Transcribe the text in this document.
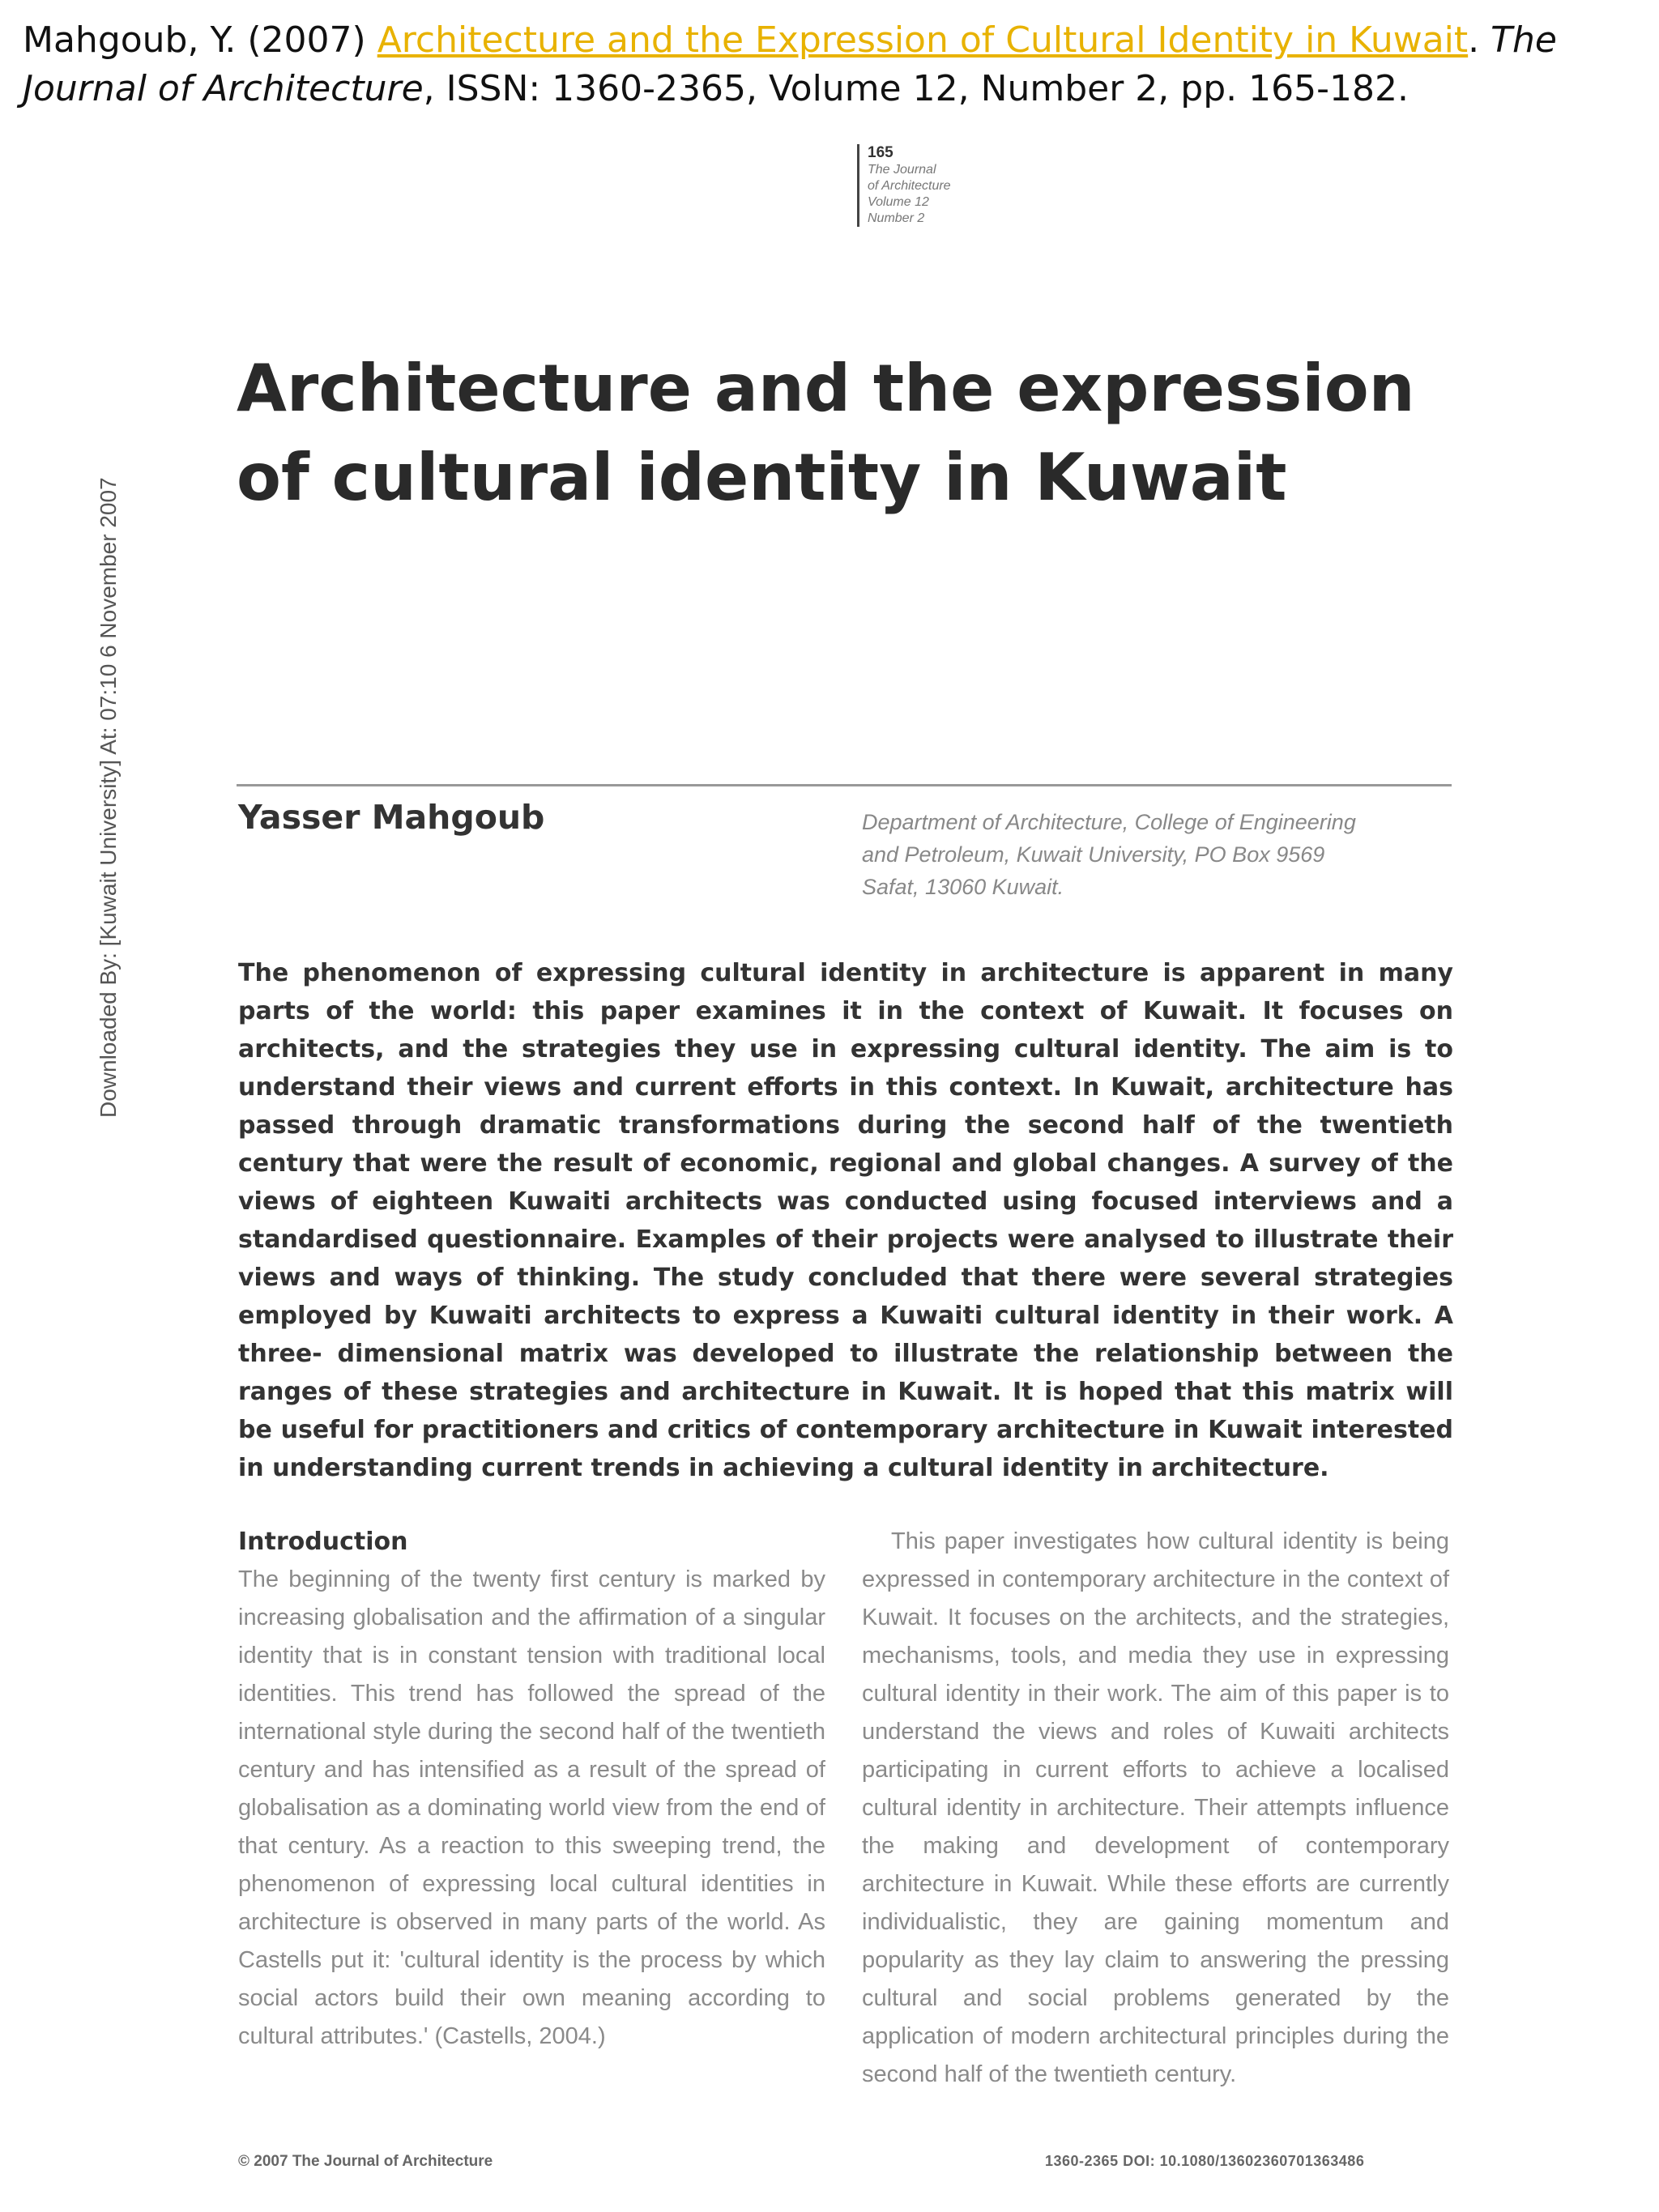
Mahgoub, Y. (2007) Architecture and the Expression of Cultural Identity in Kuwait. The
Journal of Architecture, ISSN: 1360-2365, Volume 12, Number 2, pp. 165-182.
Downloaded By: [Kuwait University] At: 07:10 6 November 2007
165
The Journal
of Architecture
Volume 12
Number 2
Architecture and the expression of cultural identity in Kuwait
Yasser Mahgoub	Department of Architecture, College of Engineering
and Petroleum, Kuwait University, PO Box 9569
Safat, 13060 Kuwait.
The phenomenon of expressing cultural identity in architecture is apparent in many parts of the world: this paper examines it in the context of Kuwait. It focuses on architects, and the strategies they use in expressing cultural identity. The aim is to understand their views and current efforts in this context. In Kuwait, architecture has passed through dramatic transformations during the second half of the twentieth century that were the result of economic, regional and global changes. A survey of the views of eighteen Kuwaiti architects was conducted using focused interviews and a standardised questionnaire. Examples of their projects were analysed to illustrate their views and ways of thinking. The study concluded that there were several strategies employed by Kuwaiti architects to express a Kuwaiti cultural identity in their work. A three- dimensional matrix was developed to illustrate the relationship between the ranges of these strategies and architecture in Kuwait. It is hoped that this matrix will be useful for practitioners and critics of contemporary architecture in Kuwait interested in understanding current trends in achieving a cultural identity in architecture.
Introduction
The beginning of the twenty first century is marked by increasing globalisation and the affirmation of a singular identity that is in constant tension with traditional local identities. This trend has followed the spread of the international style during the second half of the twentieth century and has intensified as a result of the spread of globalisation as a dominating world view from the end of that century. As a reaction to this sweeping trend, the phenomenon of expressing local cultural identities in architecture is observed in many parts of the world. As Castells put it: 'cultural identity is the process by which social actors build their own meaning according to cultural attributes.' (Castells, 2004.)
This paper investigates how cultural identity is being expressed in contemporary architecture in the context of Kuwait. It focuses on the architects, and the strategies, mechanisms, tools, and media they use in expressing cultural identity in their work. The aim of this paper is to understand the views and roles of Kuwaiti architects participating in current efforts to achieve a localised cultural identity in architecture. Their attempts influence the making and development of contemporary architecture in Kuwait. While these efforts are currently individualistic, they are gaining momentum and popularity as they lay claim to answering the pressing cultural and social problems generated by the application of modern architectural principles during the second half of the twentieth century.
© 2007 The Journal of Architecture	1360-2365 DOI: 10.1080/13602360701363486
